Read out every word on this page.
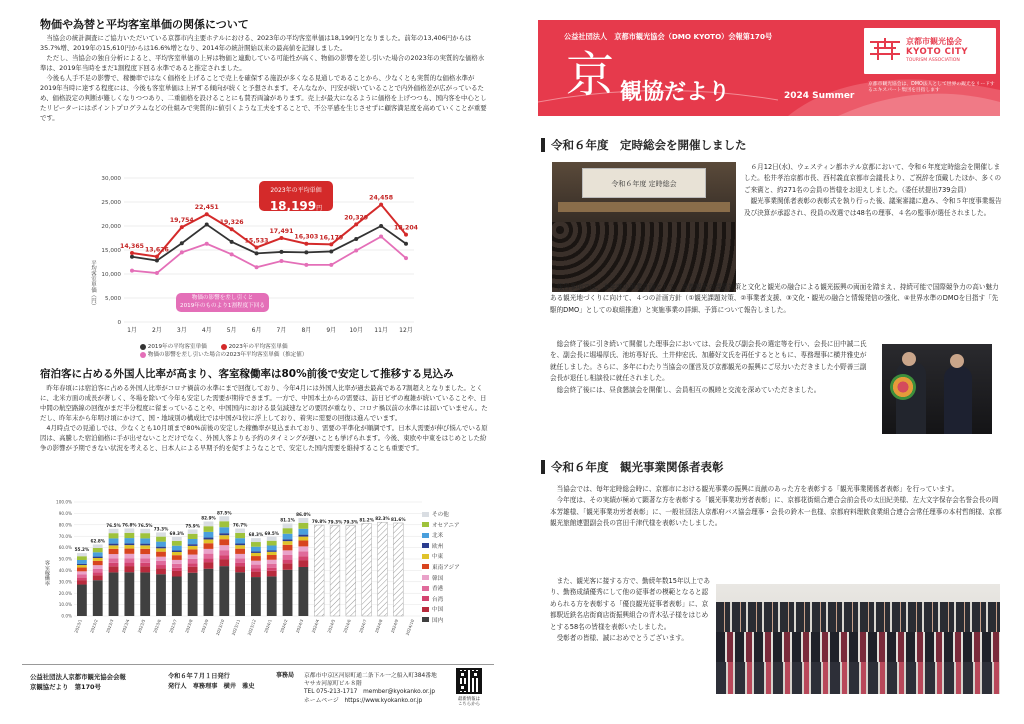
物価や為替と平均客室単価の関係について

当協会の統計調査にご協力いただいている京都市内主要ホテルにおける、2023年の平均客室単価は18,199円となりました。前年の13,406円からは35.7%増、2019年の15,610円からは16.6%増となり、2014年の統計開始以来の最高値を記録しました。

ただし、当協会の独自分析によると、平均客室単価の上昇は物価と連動している可能性が高く、物価の影響を差し引いた場合の2023年の実質的な価格水準は、2019年当時をまだ1割程度下回る水準であると推定されました。

今後も人手不足の影響で、稼働率ではなく価格を上げることで売上を確保する施設が多くなる見通しであることから、少なくとも実質的な価格水準が2019年当時に達する程度には、今後も客室単価は上昇する傾向が続くと予想されます。そんななか、円安が続いていることで内外価格差が広がっているため、価格設定の判断が難しくなりつつあり、二重価格を設けることにも賛否両論があります。売上が最大になるように価格を上げつつも、国内客を中心としたリピーターにはポイントプログラムなどの仕組みで実質的に値引くような工夫をすることで、不公平感を生じさせずに顧客満足度を高めていくことが重要です。

0
5,000
10,000
15,000
20,000
25,000
30,000
1月	2月	3月	4月	5月	6月	7月	8月	9月 10月 11月 12月
14,365
13,626
19,754
22,451
19,326
15,533
17,491
16,303 16,179
20,329
24,458
18,204
平均客室単価（円）
2023年の平均単価
18,199円
物価の影響を差し引くと
2019年のものより1割程度下回る
2019年の平均客室単価	2023年の平均客室単価
物価の影響を差し引いた場合の2023年平均客室単価（推定値）
宿泊客に占める外国人比率が高まり、客室稼働率は80%前後で安定して推移する見込み

昨年春頃には宿泊客に占める外国人比率がコロナ禍前の水準にまで回復しており、今年4月には外国人比率が過去最高である7割超えとなりました。とくに、北米方面の成長が著しく、冬場を除いて今年も安定した需要が期待できます。一方で、中国本土からの需要は、訪日ビザの複雑が続いていることや、日中間の航空路線の回復がまだ半分程度に留まっていることや、中国国内における景気減速などの要因が重なり、コロナ禍以前の水準には届いていません。ただし、昨年末から年明け頃にかけて、国・地域別の構成比では中国が1位に浮上しており、着実に需要の回復は進んでいます。

4月時点での見通しでは、少なくとも10月頃まで80%前後の安定した稼働率が見込まれており、需要の平準化が順調です。日本人需要が伸び悩んでいる原因は、高騰した宿泊価格に手が出せないことだけでなく、外国人客よりも予約のタイミングが遅いことも挙げられます。今後、東欧や中東をはじめとした紛争の影響が予期できない状況を考えると、日本人による早期予約を促すようなことで、安定した国内需要を維持することも重要です。

0.0%
10.0%
20.0%
30.0%
40.0%
50.0%
60.0%
70.0%
80.0%
90.0%
100.0%
55.2%
2023/1
62.8%
2023/2
76.5%
2023/3
76.8%
2023/4
76.5%
2023/5
73.3%
2023/6
69.3%
2023/7
75.9%
2023/8
82.9%
2023/9
87.5%
2023/10
76.7%
2023/11
68.3%
2023/12
69.5%
2024/1
81.1%
2024/2
86.0%
2024/3
79.8%
2024/4
79.3%
2024/5
79.3%
2024/6
81.2%
2024/7
82.3%
2024/8
81.6%
2024/9 2024/10
客室稼働率
その他
オセアニア
北米
欧州
中東
東南アジア
韓国
香港
台湾
中国
国内
公益社団法人京都市観光協会会報
京観協だより　第170号
令和６年７月１日発行
発行人　専務理事　横井　雅史
事務局 京都市中京区河原町通二条下ル一之船入町384番地
ヤサカ河原町ビル８階
TEL 075-213-1717　member@kyokanko.or.jp
ホームページ　https://www.kyokanko.or.jp	最新情報は
こちらから
公益社団法人　京都市観光協会（DMO KYOTO）会報第170号
京 観協だより	2024 Summer
京都市観光協会
KYOTO CITY
TOURISM ASSOCIATION
京都市観光協会は、DMO法人として世界の観光をリードするエキスパート集団を目指します
令和６年度　定時総会を開催しました
令和６年度 定時総会

６月12日(水)、ウェスティン都ホテル京都において、令和６年度定時総会を開催しました。松井孝治京都市長、西村義直京都市会議長より、ご祝辞を頂戴したほか、多くのご来賓と、約271名の会員の皆様をお迎えしました。（委任状提出739会員）

観光事業関係者表彰の表彰式を執り行った後、議案審議に進み、令和５年度事業報告及び決算が承認され、役員の改選では48名の理事、４名の監事が選任されました。

報告事項では、本年度の事業計画として、京都観光の課題対策と文化と観光の融合による観光振興の両面を踏まえ、持続可能で国際競争力の高い魅力ある観光地づくりに向けて、４つの計画方針（①観光課題対策、②事業者支援、③文化・観光の融合と情報発信の強化、④世界水準のDMOを目指す「先駆的DMO」としての取組推進）と実施事業の詳細、予算について報告しました。

総会終了後に引き続いて開催した理事会においては、会長及び副会長の選定等を行い、会長に田中誠二氏を、副会長に堀場厚氏、池坊専好氏、土井伸宏氏、加藤好文氏を再任するとともに、専務理事に横井雅史が就任しました。さらに、多年にわたり当協会の運営及び京都観光の振興にご尽力いただきました小野善三副会長が退任し相談役に就任されました。

総会終了後には、昼食懇談会を開催し、会員相互の親睦と交流を深めていただきました。

令和６年度　観光事業関係者表彰

当協会では、毎年定時総会時に、京都市における観光事業の振興に貢献のあった方を表彰する「観光事業関係者表彰」を行っています。

今年度は、その実績が極めて顕著な方を表彰する「観光事業功労者表彰」に、京都花街組合連合会前会長の太田紀美様、左大文字保存会名誉会長の岡本芳雄様、「観光事業功労者表彰」に、一般社団法人京都府バス協会理事・会長の鈴木一也様、京都府料理飲食業組合連合会常任理事の本村哲朗様、京都観光旅館連盟副会長の宮田千津代様を表彰いたしました。

また、観光客に接する方で、勤続年数15年以上であり、勤務成績優秀にして他の従事者の模範となると認められる方を表彰する「優良観光従事者表彰」に、京都駅近鉄名店街商店街振興組合の青木弘子様をはじめとする58名の皆様を表彰いたしました。

受彰者の皆様、誠におめでとうございます。
